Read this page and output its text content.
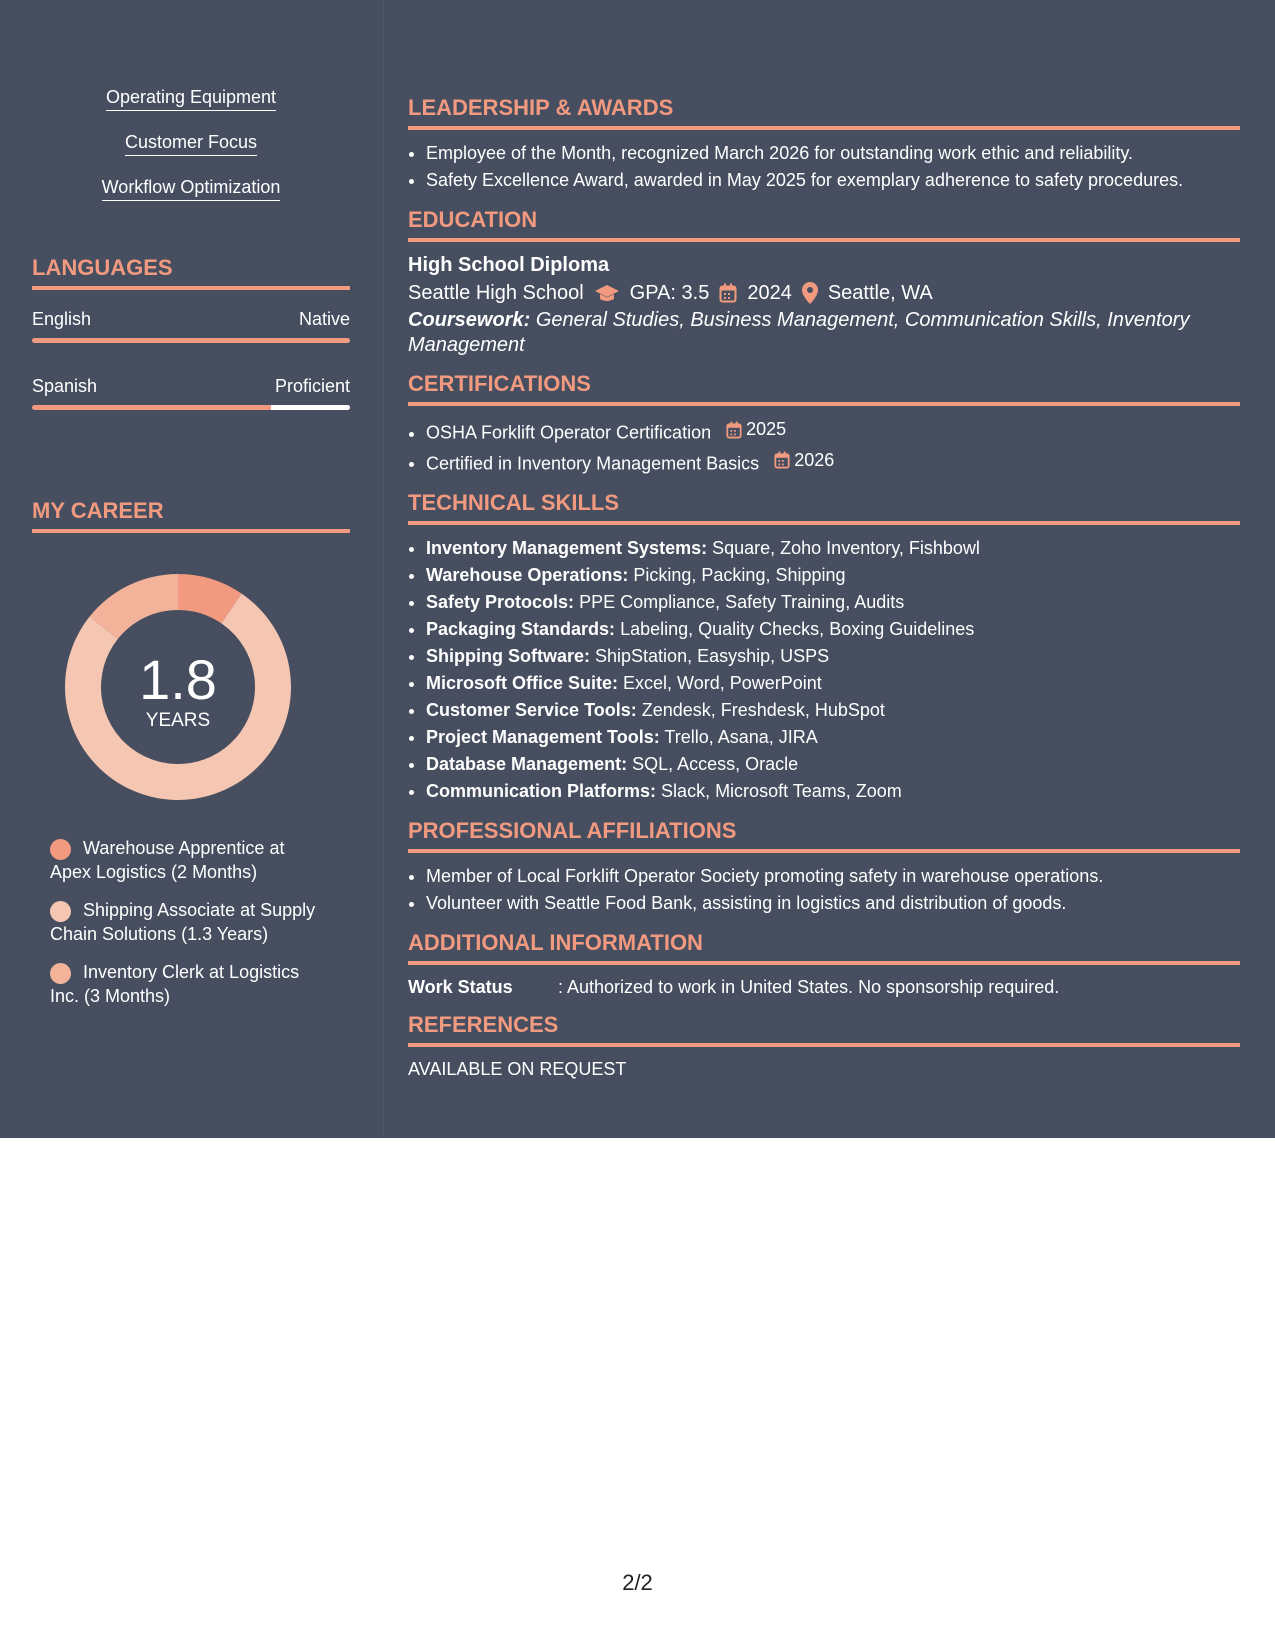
Operating Equipment
Customer Focus
Workflow Optimization
LANGUAGES
English	Native
Spanish	Proficient
MY CAREER
1.8
YEARS
Warehouse Apprentice at Apex Logistics (2 Months)
Shipping Associate at Supply Chain Solutions (1.3 Years)
Inventory Clerk at Logistics Inc. (3 Months)
LEADERSHIP & AWARDS
• Employee of the Month, recognized March 2026 for outstanding work ethic and reliability.
• Safety Excellence Award, awarded in May 2025 for exemplary adherence to safety procedures.
EDUCATION
High School Diploma
Seattle High School GPA: 3.5 2024 Seattle, WA
Coursework: General Studies, Business Management, Communication Skills, Inventory Management
CERTIFICATIONS
• OSHA Forklift Operator Certification 2025
• Certified in Inventory Management Basics 2026
TECHNICAL SKILLS
• Inventory Management Systems: Square, Zoho Inventory, Fishbowl
• Warehouse Operations: Picking, Packing, Shipping
• Safety Protocols: PPE Compliance, Safety Training, Audits
• Packaging Standards: Labeling, Quality Checks, Boxing Guidelines
• Shipping Software: ShipStation, Easyship, USPS
• Microsoft Office Suite: Excel, Word, PowerPoint
• Customer Service Tools: Zendesk, Freshdesk, HubSpot
• Project Management Tools: Trello, Asana, JIRA
• Database Management: SQL, Access, Oracle
• Communication Platforms: Slack, Microsoft Teams, Zoom
PROFESSIONAL AFFILIATIONS
• Member of Local Forklift Operator Society promoting safety in warehouse operations.
• Volunteer with Seattle Food Bank, assisting in logistics and distribution of goods.
ADDITIONAL INFORMATION
Work Status	: Authorized to work in United States. No sponsorship required.
REFERENCES
AVAILABLE ON REQUEST
2/2
